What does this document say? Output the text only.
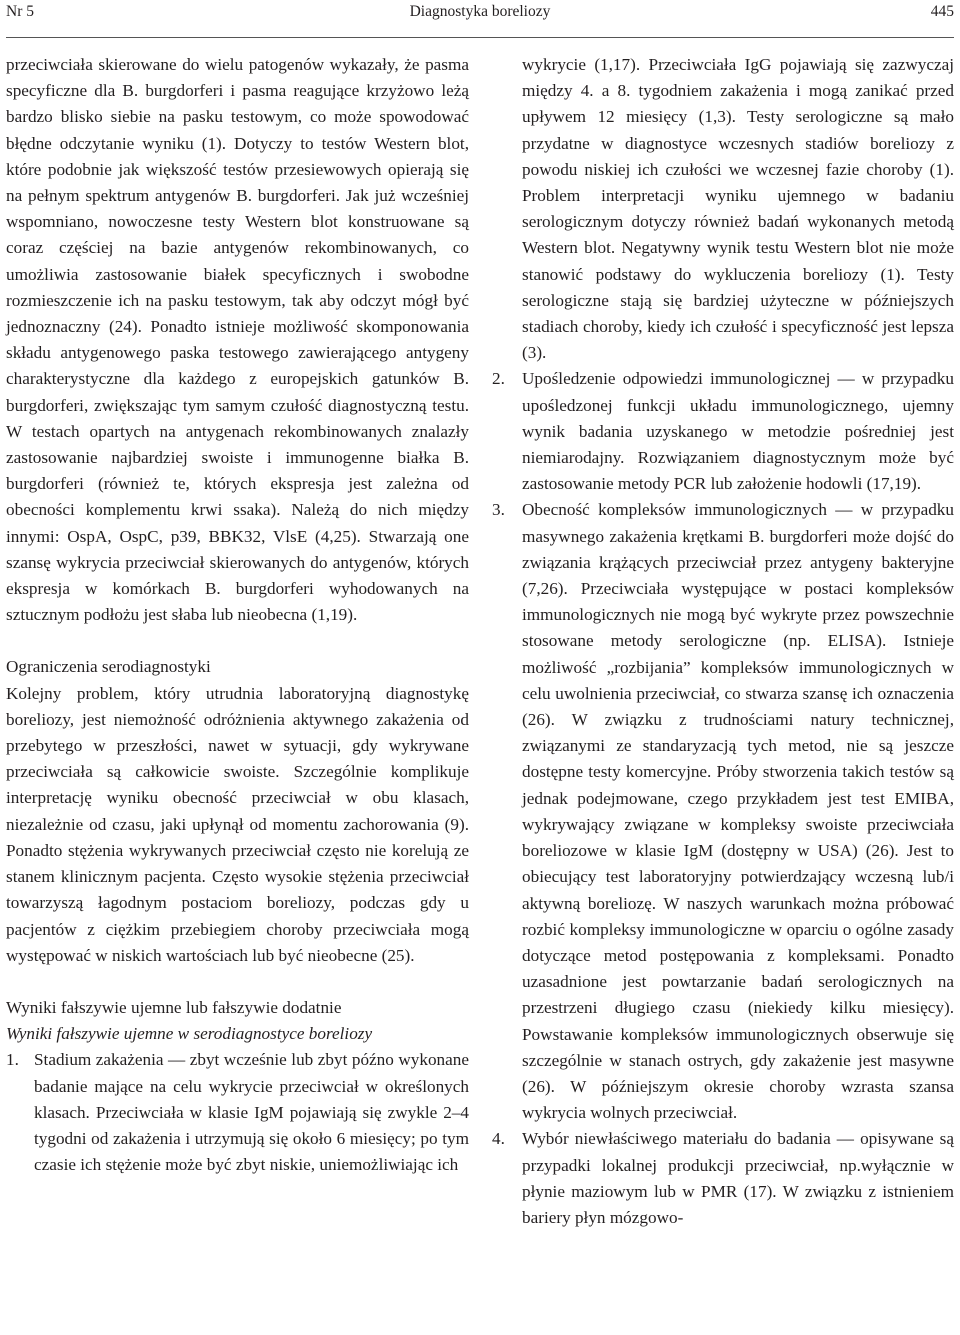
Nr 5	Diagnostyka boreliozy	445

przeciwciała skierowane do wielu patogenów wykazały, że pasma specyficzne dla B. burgdorferi i pasma reagujące krzyżowo leżą bardzo blisko siebie na pasku testowym, co może spowodować błędne odczytanie wyniku (1). Dotyczy to testów Western blot, które podobnie jak większość testów przesiewowych opierają się na pełnym spektrum antygenów B. burgdorferi. Jak już wcześniej wspomniano, nowoczesne testy Western blot konstruowane są coraz częściej na bazie antygenów rekombinowanych, co umożliwia zastosowanie białek specyficznych i swobodne rozmieszczenie ich na pasku testowym, tak aby odczyt mógł być jednoznaczny (24). Ponadto istnieje możliwość skomponowania składu antygenowego paska testowego zawierającego antygeny charakterystyczne dla każdego z europejskich gatunków B. burgdorferi, zwiększając tym samym czułość diagnostyczną testu. W testach opartych na antygenach rekombinowanych znalazły zastosowanie najbardziej swoiste i immunogenne białka B. burgdorferi (również te, których ekspresja jest zależna od obecności komplementu krwi ssaka). Należą do nich między innymi: OspA, OspC, p39, BBK32, VlsE (4,25). Stwarzają one szansę wykrycia przeciwciał skierowanych do antygenów, których ekspresja w komórkach B. burgdorferi wyhodowanych na sztucznym podłożu jest słaba lub nieobecna (1,19).

Ograniczenia serodiagnostyki

Kolejny problem, który utrudnia laboratoryjną diagnostykę boreliozy, jest niemożność odróżnienia aktywnego zakażenia od przebytego w przeszłości, nawet w sytuacji, gdy wykrywane przeciwciała są całkowicie swoiste. Szczególnie komplikuje interpretację wyniku obecność przeciwciał w obu klasach, niezależnie od czasu, jaki upłynął od momentu zachorowania (9). Ponadto stężenia wykrywanych przeciwciał często nie korelują ze stanem klinicznym pacjenta. Często wysokie stężenia przeciwciał towarzyszą łagodnym postaciom boreliozy, podczas gdy u pacjentów z ciężkim przebiegiem choroby przeciwciała mogą występować w niskich wartościach lub być nieobecne (25).

Wyniki fałszywie ujemne lub fałszywie dodatnie

Wyniki fałszywie ujemne w serodiagnostyce boreliozy

1. Stadium zakażenia — zbyt wcześnie lub zbyt późno wykonane badanie mające na celu wykrycie przeciwciał w określonych klasach. Przeciwciała w klasie IgM pojawiają się zwykle 2–4 tygodni od zakażenia i utrzymują się około 6 miesięcy; po tym czasie ich stężenie może być zbyt niskie, uniemożliwiając ich
wykrycie (1,17). Przeciwciała IgG pojawiają się zazwyczaj między 4. a 8. tygodniem zakażenia i mogą zanikać przed upływem 12 miesięcy (1,3). Testy serologiczne są mało przydatne w diagnostyce wczesnych stadiów boreliozy z powodu niskiej ich czułości we wczesnej fazie choroby (1). Problem interpretacji wyniku ujemnego w badaniu serologicznym dotyczy również badań wykonanych metodą Western blot. Negatywny wynik testu Western blot nie może stanowić podstawy do wykluczenia boreliozy (1). Testy serologiczne stają się bardziej użyteczne w późniejszych stadiach choroby, kiedy ich czułość i specyficzność jest lepsza (3).
2. Upośledzenie odpowiedzi immunologicznej — w przypadku upośledzonej funkcji układu immunologicznego, ujemny wynik badania uzyskanego w metodzie pośredniej jest niemiarodajny. Rozwiązaniem diagnostycznym może być zastosowanie metody PCR lub założenie hodowli (17,19).
3. Obecność kompleksów immunologicznych — w przypadku masywnego zakażenia krętkami B. burgdorferi może dojść do związania krążących przeciwciał przez antygeny bakteryjne (7,26). Przeciwciała występujące w postaci kompleksów immunologicznych nie mogą być wykryte przez powszechnie stosowane metody serologiczne (np. ELISA). Istnieje możliwość „rozbijania” kompleksów immunologicznych w celu uwolnienia przeciwciał, co stwarza szansę ich oznaczenia (26). W związku z trudnościami natury technicznej, związanymi ze standaryzacją tych metod, nie są jeszcze dostępne testy komercyjne. Próby stworzenia takich testów są jednak podejmowane, czego przykładem jest test EMIBA, wykrywający związane w kompleksy swoiste przeciwciała boreliozowe w klasie IgM (dostępny w USA) (26). Jest to obiecujący test laboratoryjny potwierdzający wczesną lub/i aktywną boreliozę. W naszych warunkach można próbować rozbić kompleksy immunologiczne w oparciu o ogólne zasady dotyczące metod postępowania z kompleksami. Ponadto uzasadnione jest powtarzanie badań serologicznych na przestrzeni długiego czasu (niekiedy kilku miesięcy). Powstawanie kompleksów immunologicznych obserwuje się szczególnie w stanach ostrych, gdy zakażenie jest masywne (26). W późniejszym okresie choroby wzrasta szansa wykrycia wolnych przeciwciał.
4. Wybór niewłaściwego materiału do badania — opisywane są przypadki lokalnej produkcji przeciwciał, np.wyłącznie w płynie maziowym lub w PMR (17). W związku z istnieniem bariery płyn mózgowo-
